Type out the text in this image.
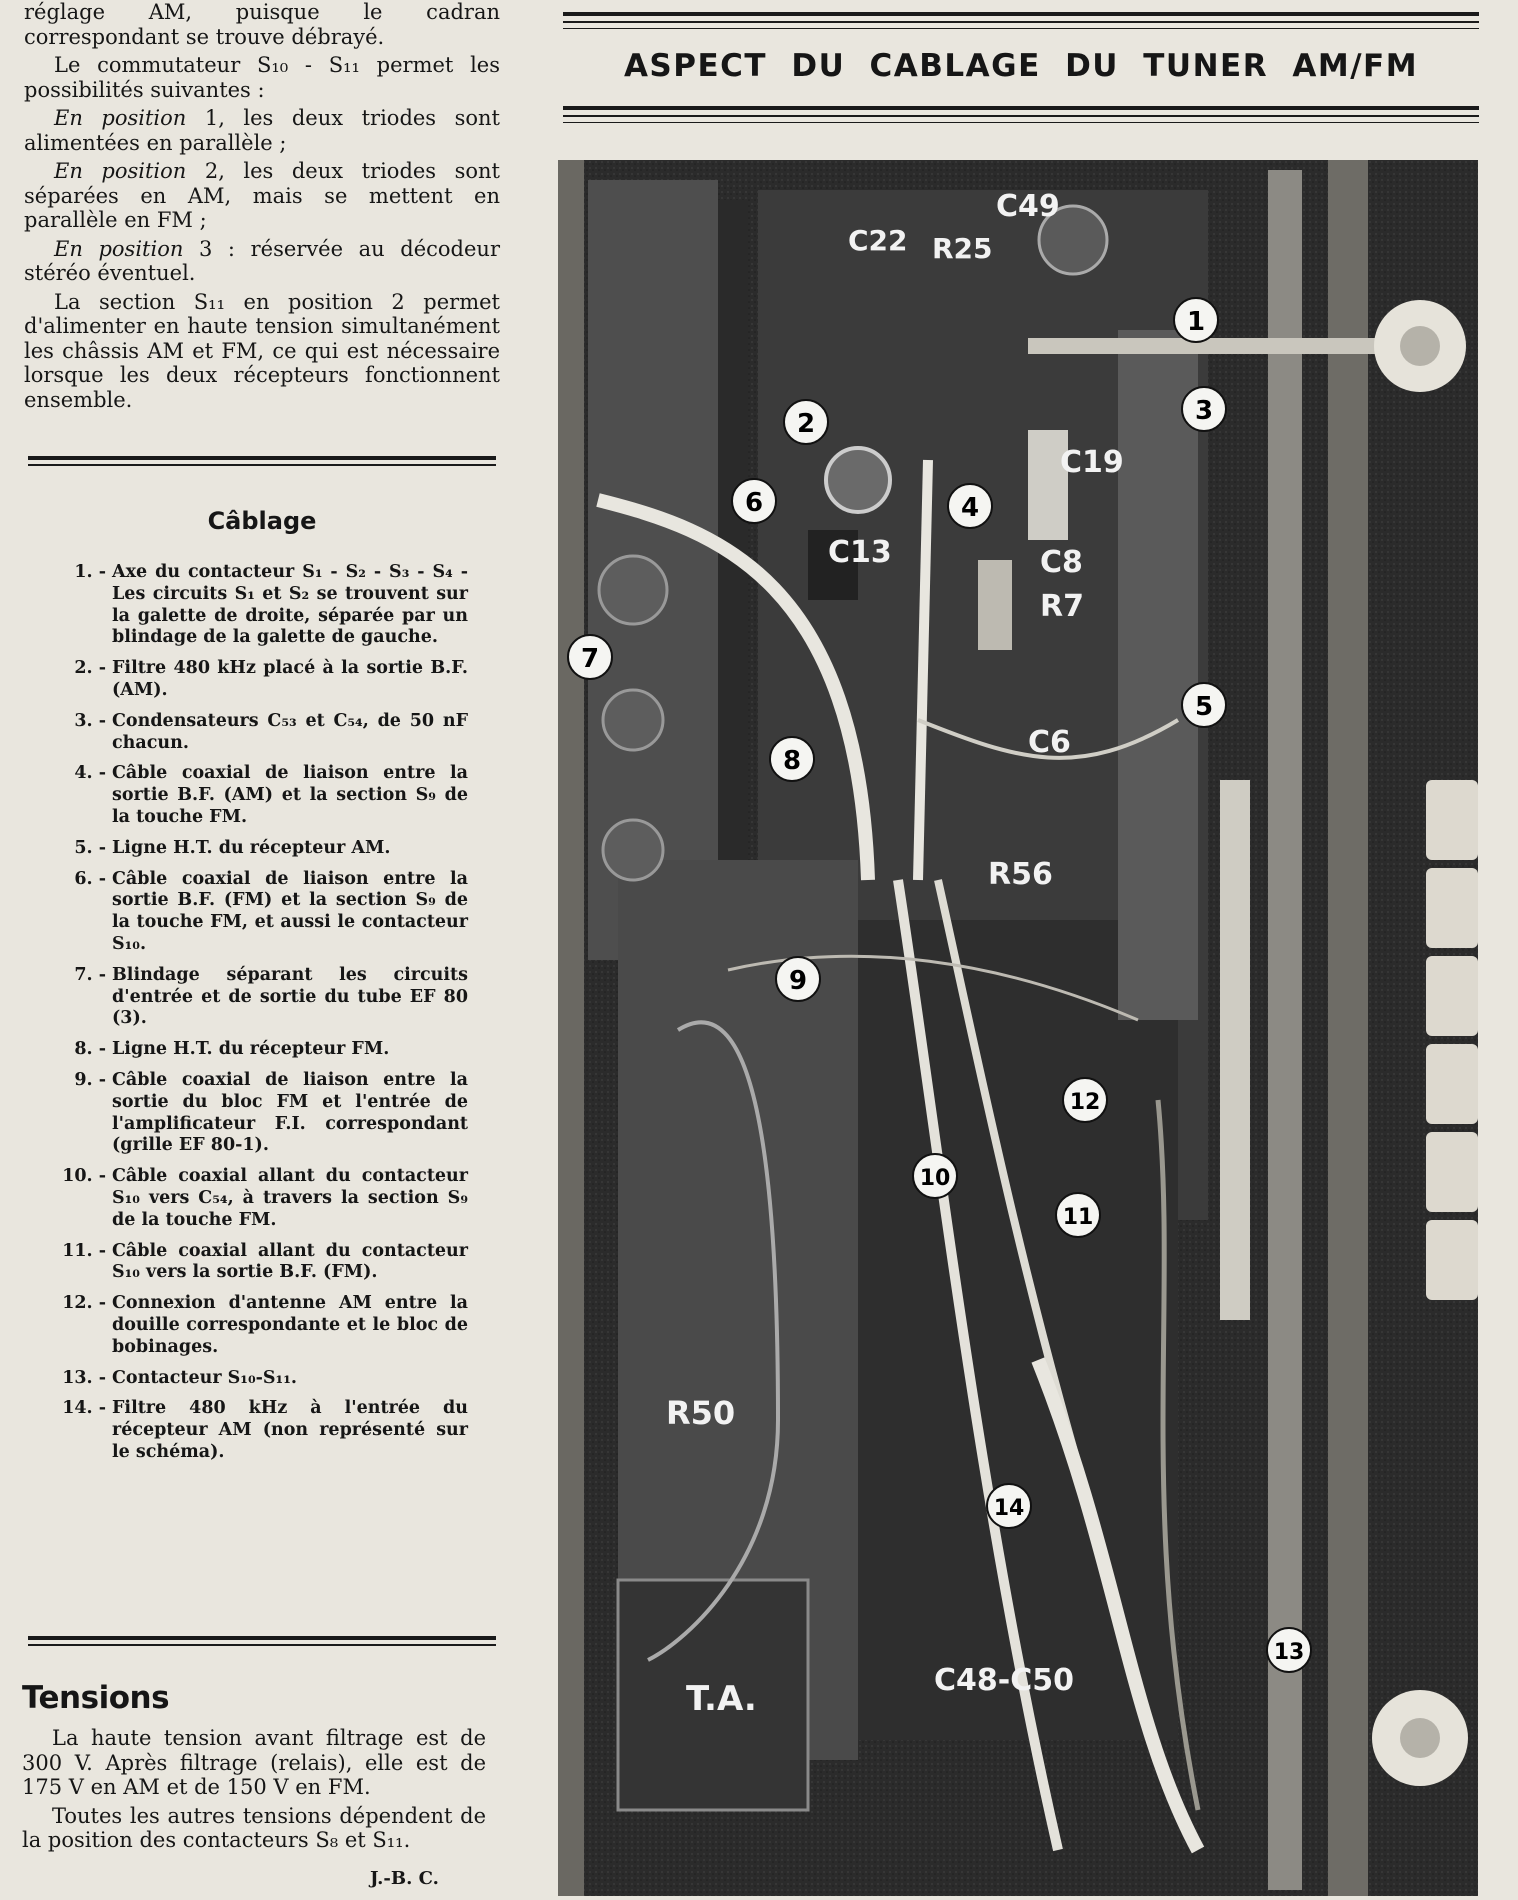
réglage AM, puisque le cadran correspondant se trouve débrayé.

Le commutateur S₁₀ - S₁₁ permet les possibilités suivantes :

En position 1, les deux triodes sont alimentées en parallèle ;

En position 2, les deux triodes sont séparées en AM, mais se mettent en parallèle en FM ;

En position 3 : réservée au décodeur stéréo éventuel.

La section S₁₁ en position 2 permet d'alimenter en haute tension simultanément les châssis AM et FM, ce qui est nécessaire lorsque les deux récepteurs fonctionnent ensemble.

Câblage
1. - Axe du contacteur S₁ - S₂ - S₃ - S₄ - Les circuits S₁ et S₂ se trouvent sur la galette de droite, séparée par un blindage de la galette de gauche.
2. - Filtre 480 kHz placé à la sortie B.F. (AM).
3. - Condensateurs C₅₃ et C₅₄, de 50 nF chacun.
4. - Câble coaxial de liaison entre la sortie B.F. (AM) et la section S₉ de la touche FM.
5. - Ligne H.T. du récepteur AM.
6. - Câble coaxial de liaison entre la sortie B.F. (FM) et la section S₉ de la touche FM, et aussi le contacteur S₁₀.
7. - Blindage séparant les circuits d'entrée et de sortie du tube EF 80 (3).
8. - Ligne H.T. du récepteur FM.
9. - Câble coaxial de liaison entre la sortie du bloc FM et l'entrée de l'amplificateur F.I. correspondant (grille EF 80-1).
10. - Câble coaxial allant du contacteur S₁₀ vers C₅₄, à travers la section S₉ de la touche FM.
11. - Câble coaxial allant du contacteur S₁₀ vers la sortie B.F. (FM).
12. - Connexion d'antenne AM entre la douille correspondante et le bloc de bobinages.
13. - Contacteur S₁₀-S₁₁.
14. - Filtre 480 kHz à l'entrée du récepteur AM (non représenté sur le schéma).
Tensions

La haute tension avant filtrage est de 300 V. Après filtrage (relais), elle est de 175 V en AM et de 150 V en FM.

Toutes les autres tensions dépendent de la position des contacteurs S₈ et S₁₁.

J.-B. C.
ASPECT DU CABLAGE DU TUNER AM/FM
C49
C22 R25
C19
C13	C8
R7
C6
R56
R50
T.A.	C48-C50
1
2	3
4
5
6
7
8
9
10
11
12
13
14
